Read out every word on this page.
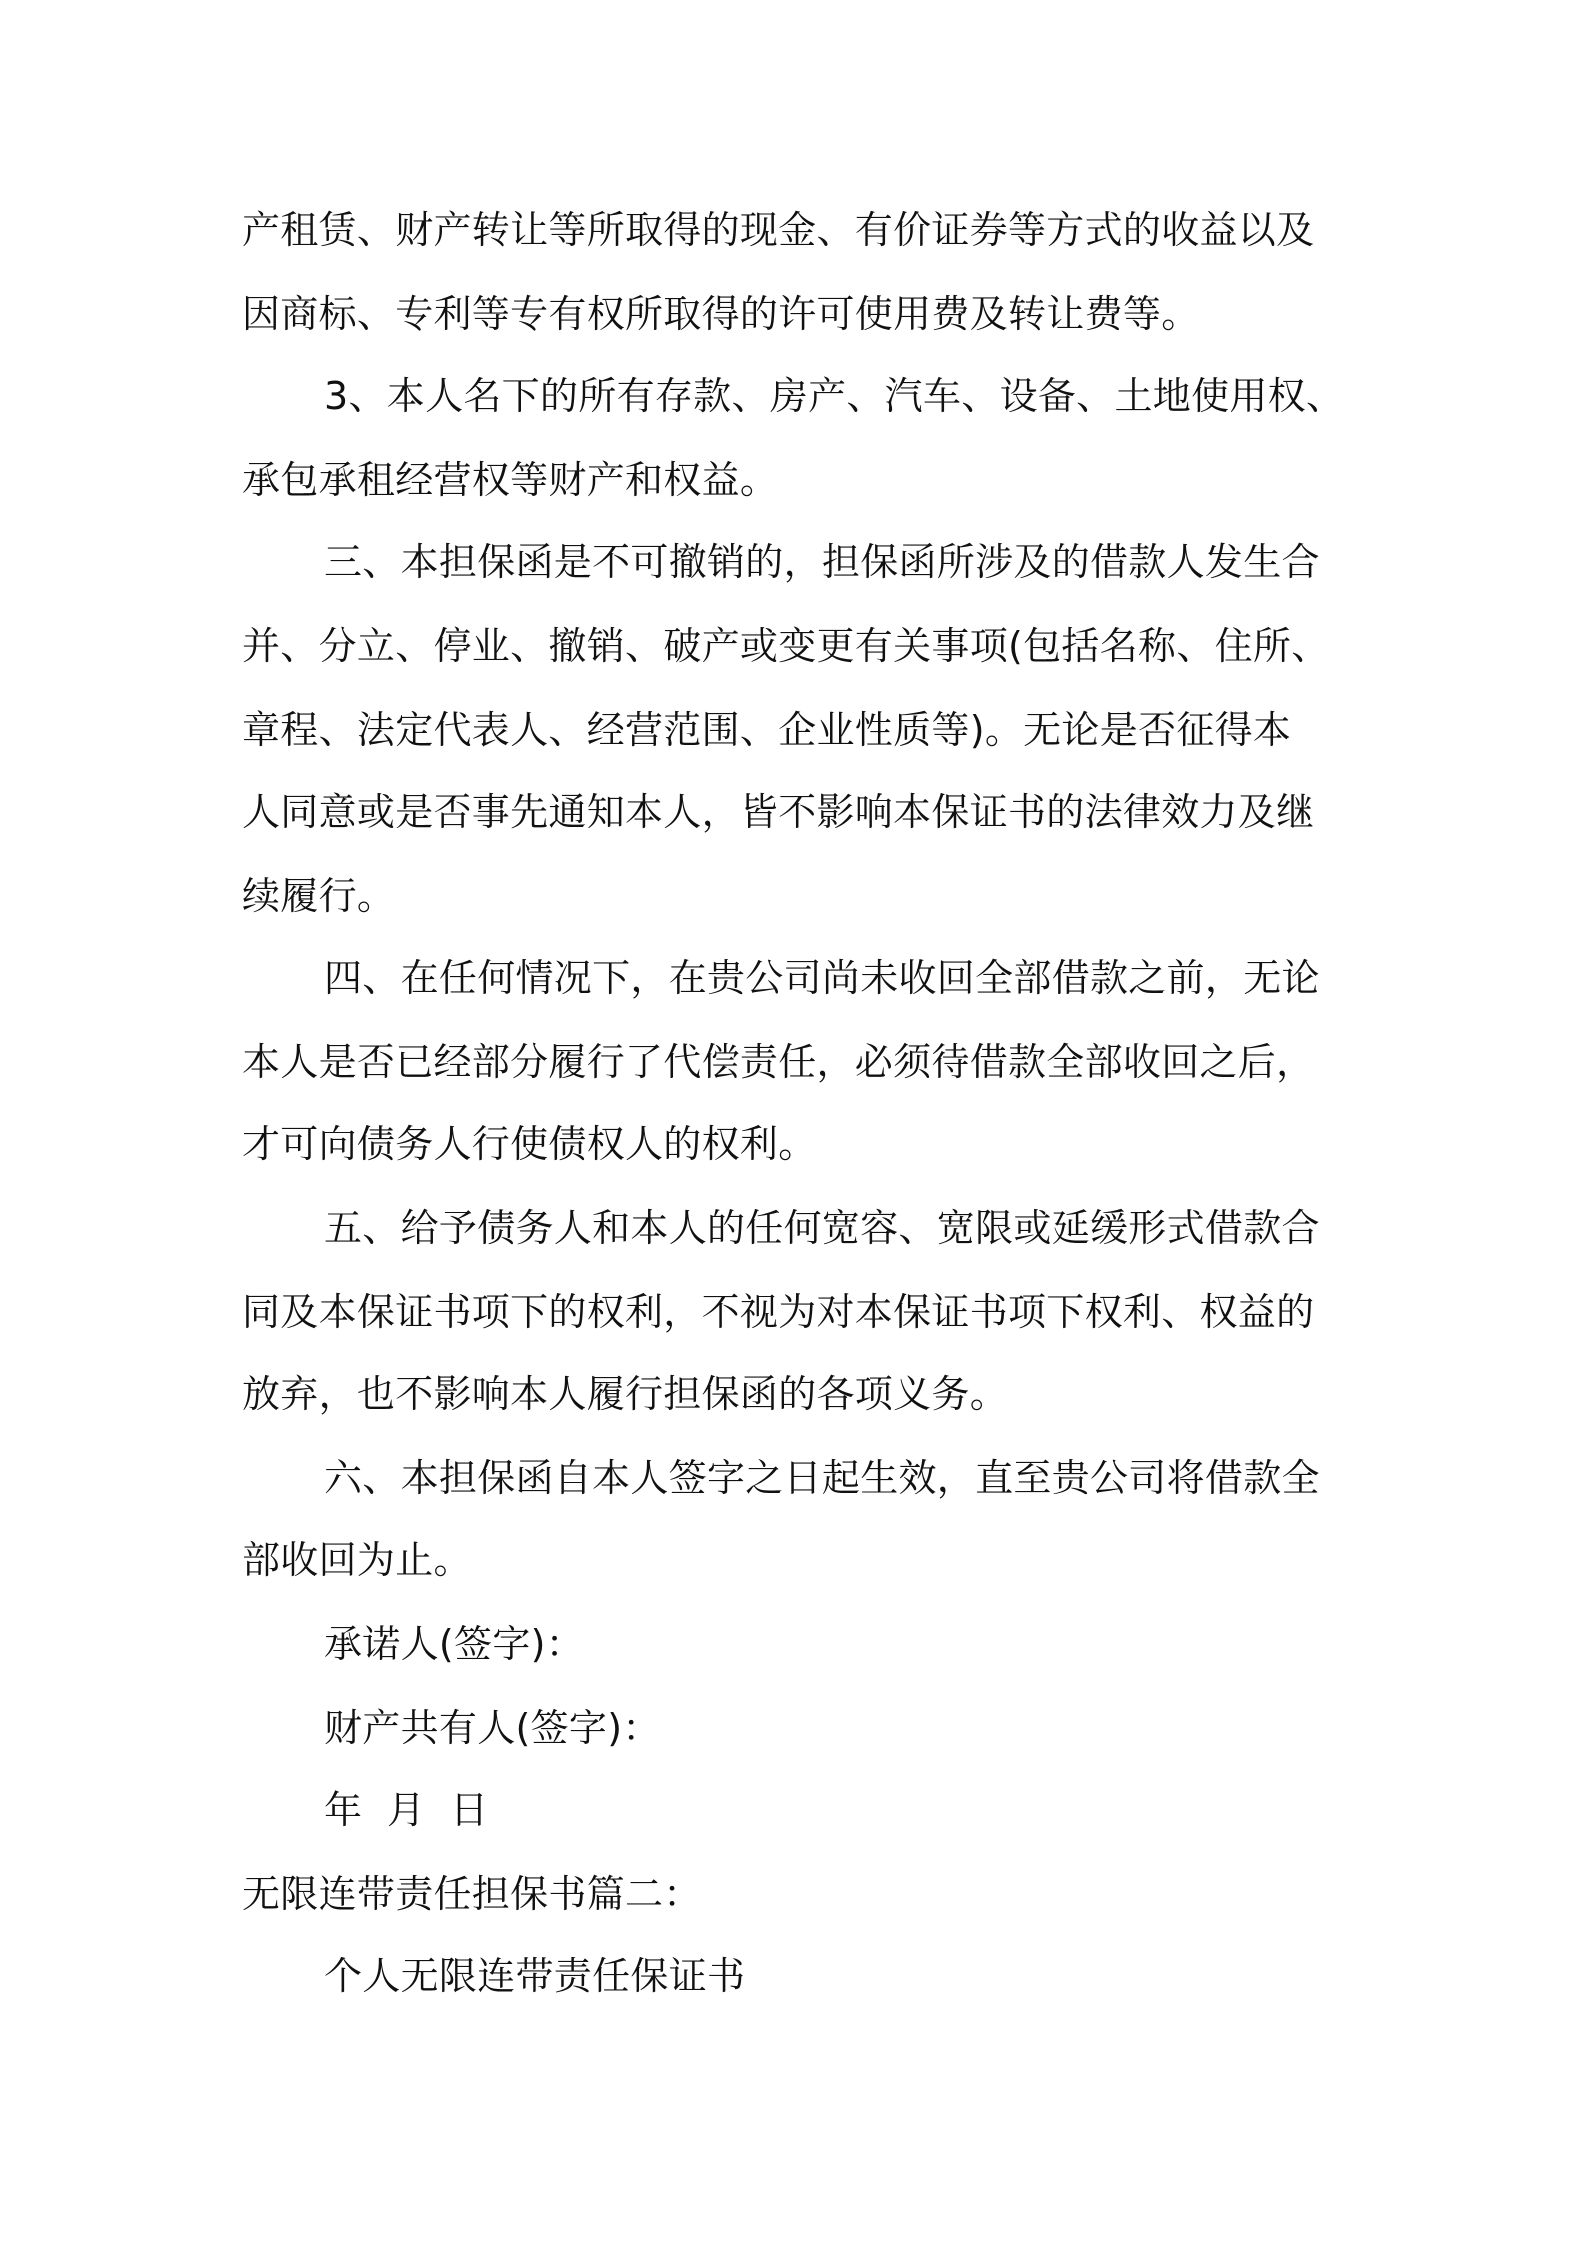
产租赁、财产转让等所取得的现金、有价证券等方式的收益以及
因商标、专利等专有权所取得的许可使用费及转让费等。
3、本人名下的所有存款、房产、汽车、设备、土地使用权、
承包承租经营权等财产和权益。
三、本担保函是不可撤销的，担保函所涉及的借款人发生合
并、分立、停业、撤销、破产或变更有关事项(包括名称、住所、
章程、法定代表人、经营范围、企业性质等)。无论是否征得本
人同意或是否事先通知本人，皆不影响本保证书的法律效力及继
续履行。
四、在任何情况下，在贵公司尚未收回全部借款之前，无论
本人是否已经部分履行了代偿责任，必须待借款全部收回之后，
才可向债务人行使债权人的权利。
五、给予债务人和本人的任何宽容、宽限或延缓形式借款合
同及本保证书项下的权利，不视为对本保证书项下权利、权益的
放弃，也不影响本人履行担保函的各项义务。
六、本担保函自本人签字之日起生效，直至贵公司将借款全
部收回为止。
承诺人(签字)：
财产共有人(签字)：
年  月  日
无限连带责任担保书篇二：
个人无限连带责任保证书
